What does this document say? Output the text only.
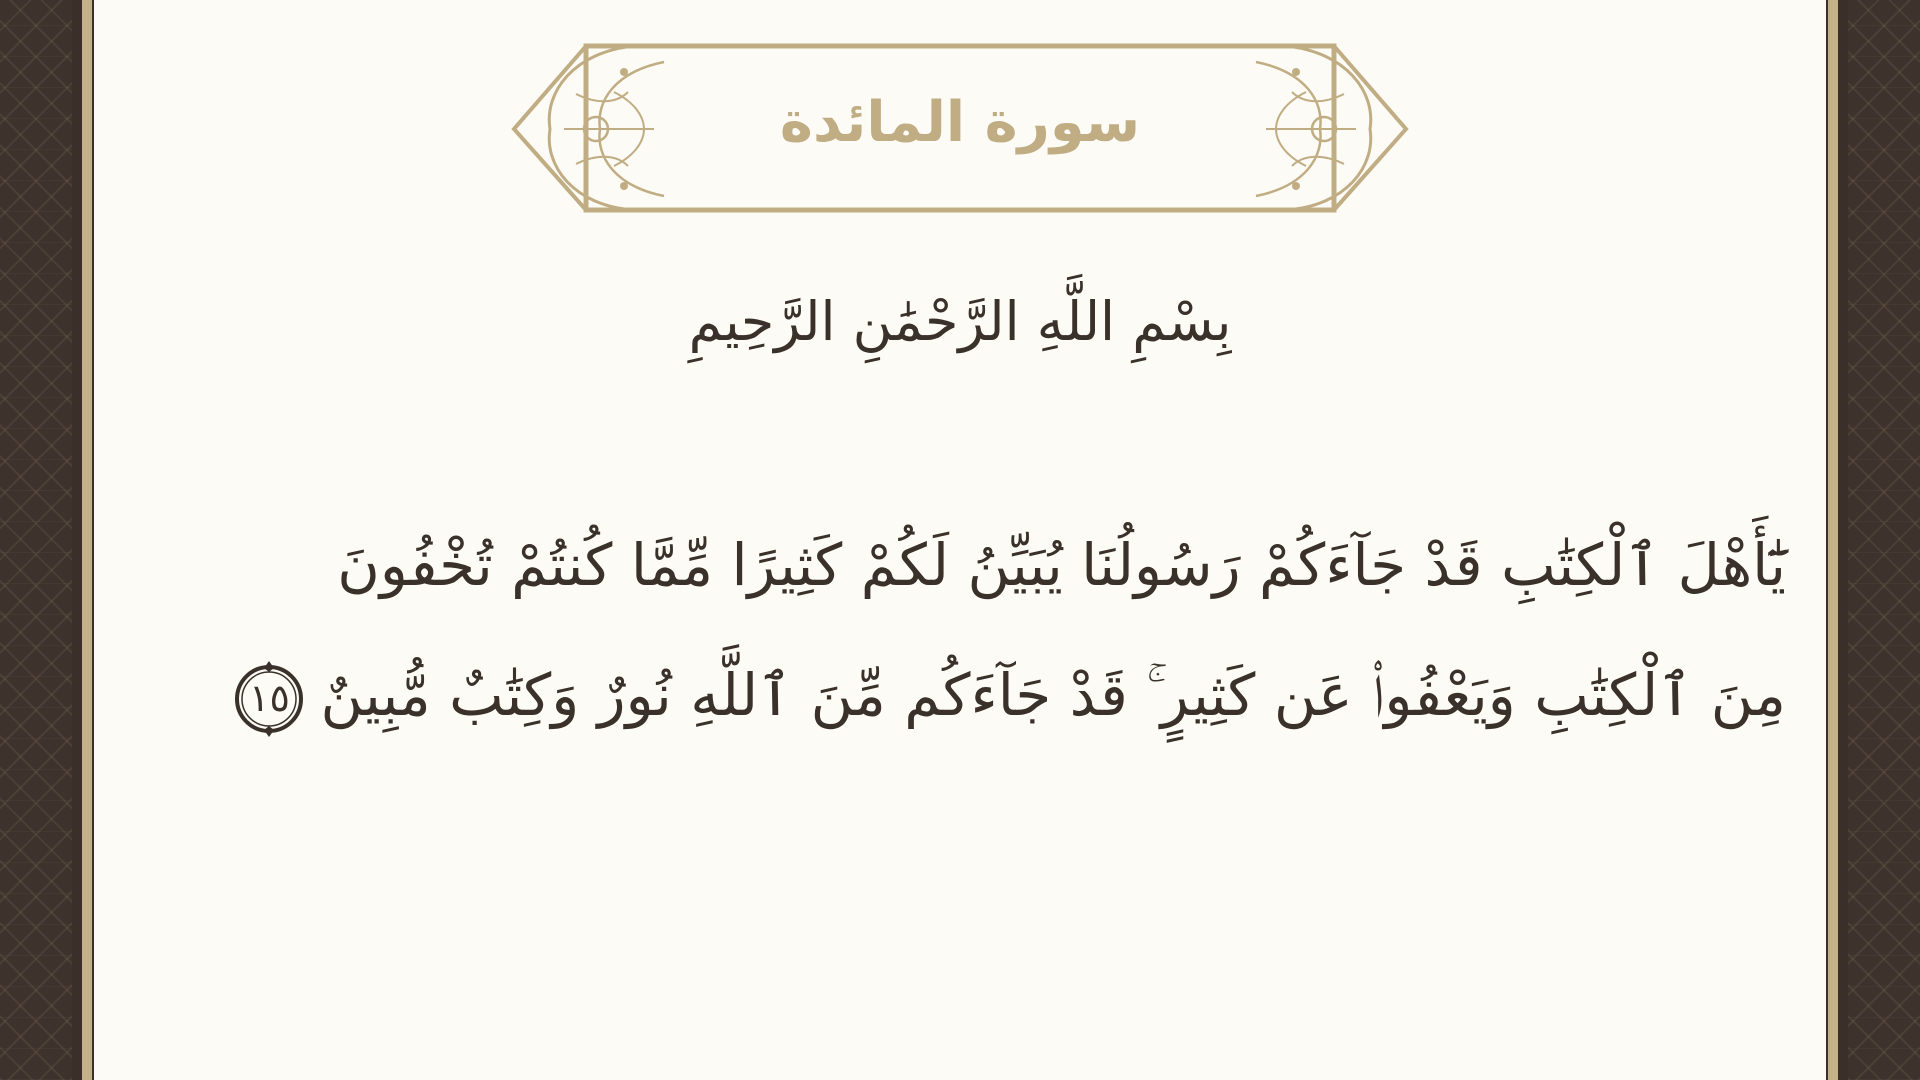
سورة المائدة
بِسْمِ اللَّهِ الرَّحْمَٰنِ الرَّحِيمِ
يَٰٓأَهْلَ ٱلْكِتَٰبِ قَدْ جَآءَكُمْ رَسُولُنَا يُبَيِّنُ لَكُمْ كَثِيرًا مِّمَّا كُنتُمْ تُخْفُونَ
مِنَ ٱلْكِتَٰبِ وَيَعْفُوا۟ عَن كَثِيرٍ ۚ قَدْ جَآءَكُم مِّنَ ٱللَّهِ نُورٌ وَكِتَٰبٌ مُّبِينٌ
١٥
